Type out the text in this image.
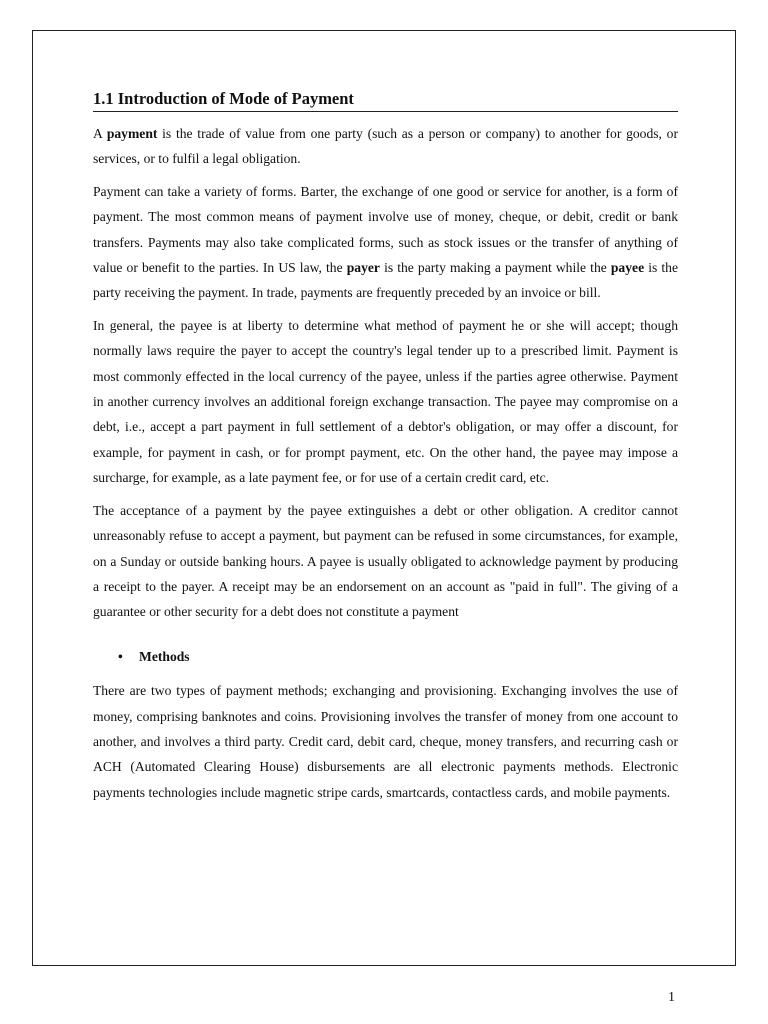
1.1 Introduction of Mode of Payment

A payment is the trade of value from one party (such as a person or company) to another for goods, or services, or to fulfil a legal obligation.

Payment can take a variety of forms. Barter, the exchange of one good or service for another, is a form of payment. The most common means of payment involve use of money, cheque, or debit, credit or bank transfers. Payments may also take complicated forms, such as stock issues or the transfer of anything of value or benefit to the parties. In US law, the payer is the party making a payment while the payee is the party receiving the payment. In trade, payments are frequently preceded by an invoice or bill.

In general, the payee is at liberty to determine what method of payment he or she will accept; though normally laws require the payer to accept the country's legal tender up to a prescribed limit. Payment is most commonly effected in the local currency of the payee, unless if the parties agree otherwise. Payment in another currency involves an additional foreign exchange transaction. The payee may compromise on a debt, i.e., accept a part payment in full settlement of a debtor's obligation, or may offer a discount, for example, for payment in cash, or for prompt payment, etc. On the other hand, the payee may impose a surcharge, for example, as a late payment fee, or for use of a certain credit card, etc.

The acceptance of a payment by the payee extinguishes a debt or other obligation. A creditor cannot unreasonably refuse to accept a payment, but payment can be refused in some circumstances, for example, on a Sunday or outside banking hours. A payee is usually obligated to acknowledge payment by producing a receipt to the payer. A receipt may be an endorsement on an account as "paid in full". The giving of a guarantee or other security for a debt does not constitute a payment

•	Methods

There are two types of payment methods; exchanging and provisioning. Exchanging involves the use of money, comprising banknotes and coins. Provisioning involves the transfer of money from one account to another, and involves a third party. Credit card, debit card, cheque, money transfers, and recurring cash or ACH (Automated Clearing House) disbursements are all electronic payments methods. Electronic payments technologies include magnetic stripe cards, smartcards, contactless cards, and mobile payments.

1
